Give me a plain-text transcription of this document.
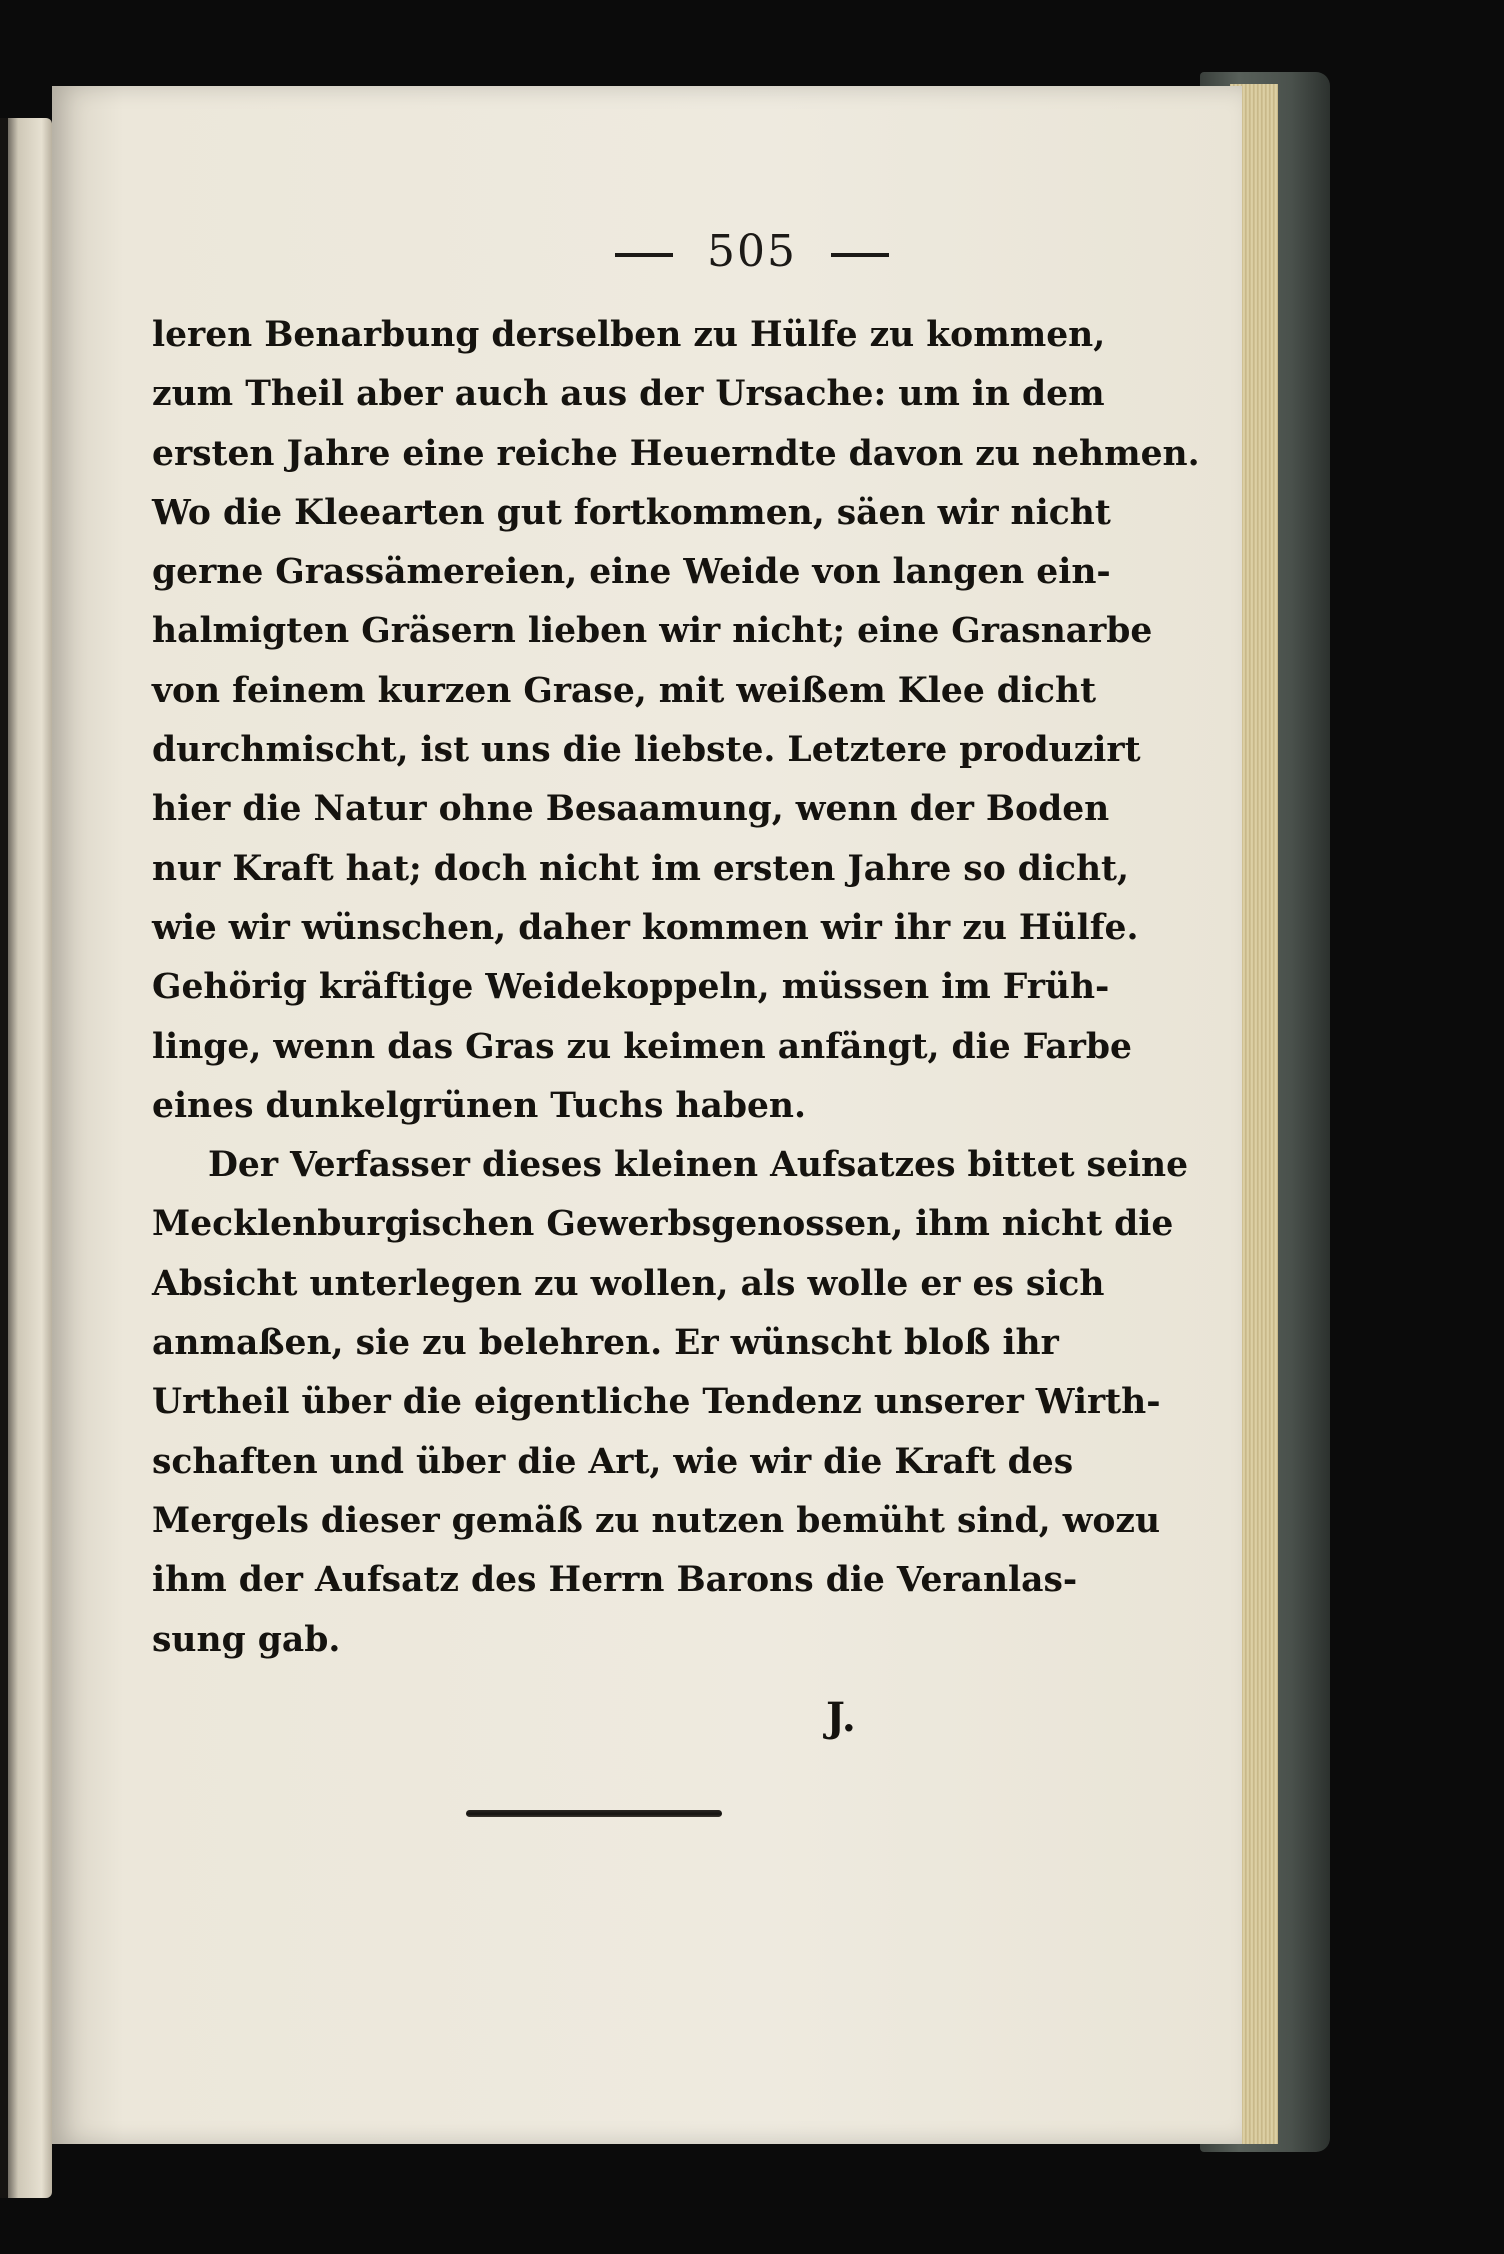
505
leren Benarbung derselben zu Hülfe zu kommen,
zum Theil aber auch aus der Ursache: um in dem
ersten Jahre eine reiche Heuerndte davon zu nehmen.
Wo die Kleearten gut fortkommen, säen wir nicht
gerne Grassämereien, eine Weide von langen ein-
halmigten Gräsern lieben wir nicht; eine Grasnarbe
von feinem kurzen Grase, mit weißem Klee dicht
durchmischt, ist uns die liebste. Letztere produzirt
hier die Natur ohne Besaamung, wenn der Boden
nur Kraft hat; doch nicht im ersten Jahre so dicht,
wie wir wünschen, daher kommen wir ihr zu Hülfe.
Gehörig kräftige Weidekoppeln, müssen im Früh-
linge, wenn das Gras zu keimen anfängt, die Farbe
eines dunkelgrünen Tuchs haben.
Der Verfasser dieses kleinen Aufsatzes bittet seine
Mecklenburgischen Gewerbsgenossen, ihm nicht die
Absicht unterlegen zu wollen, als wolle er es sich
anmaßen, sie zu belehren. Er wünscht bloß ihr
Urtheil über die eigentliche Tendenz unserer Wirth-
schaften und über die Art, wie wir die Kraft des
Mergels dieser gemäß zu nutzen bemüht sind, wozu
ihm der Aufsatz des Herrn Barons die Veranlas-
sung gab.
J.
